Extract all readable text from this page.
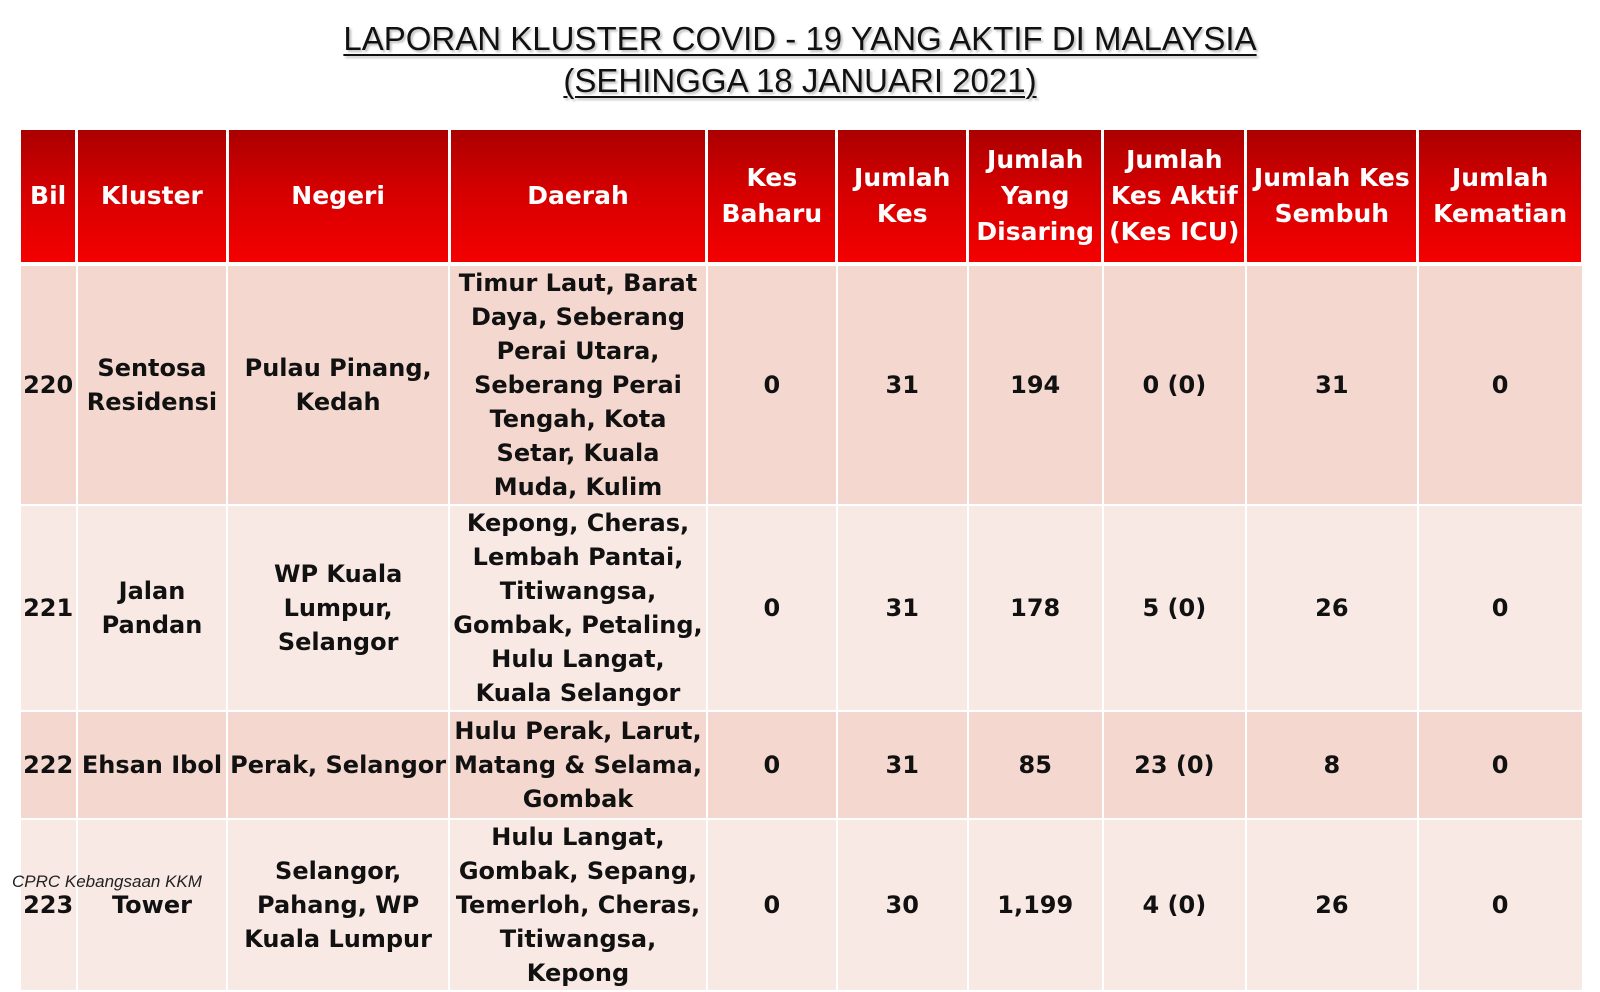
LAPORAN KLUSTER COVID - 19 YANG AKTIF DI MALAYSIA
(SEHINGGA 18 JANUARI 2021)
Bil	Kluster	Negeri	Daerah	Kes Baharu	Jumlah Kes	Jumlah Yang Disaring	Jumlah Kes Aktif (Kes ICU)	Jumlah Kes Sembuh	Jumlah Kematian
220	Sentosa Residensi	Pulau Pinang, Kedah	Timur Laut, Barat Daya, Seberang Perai Utara, Seberang Perai Tengah, Kota Setar, Kuala Muda, Kulim	0	31	194	0 (0)	31	0
221	Jalan Pandan	WP Kuala Lumpur, Selangor	Kepong, Cheras, Lembah Pantai, Titiwangsa, Gombak, Petaling, Hulu Langat, Kuala Selangor	0	31	178	5 (0)	26	0
222	Ehsan Ibol	Perak, Selangor	Hulu Perak, Larut, Matang & Selama, Gombak	0	31	85	23 (0)	8	0
223	Tower	Selangor, Pahang, WP Kuala Lumpur	Hulu Langat, Gombak, Sepang, Temerloh, Cheras, Titiwangsa, Kepong	0	30	1,199	4 (0)	26	0
CPRC Kebangsaan KKM
